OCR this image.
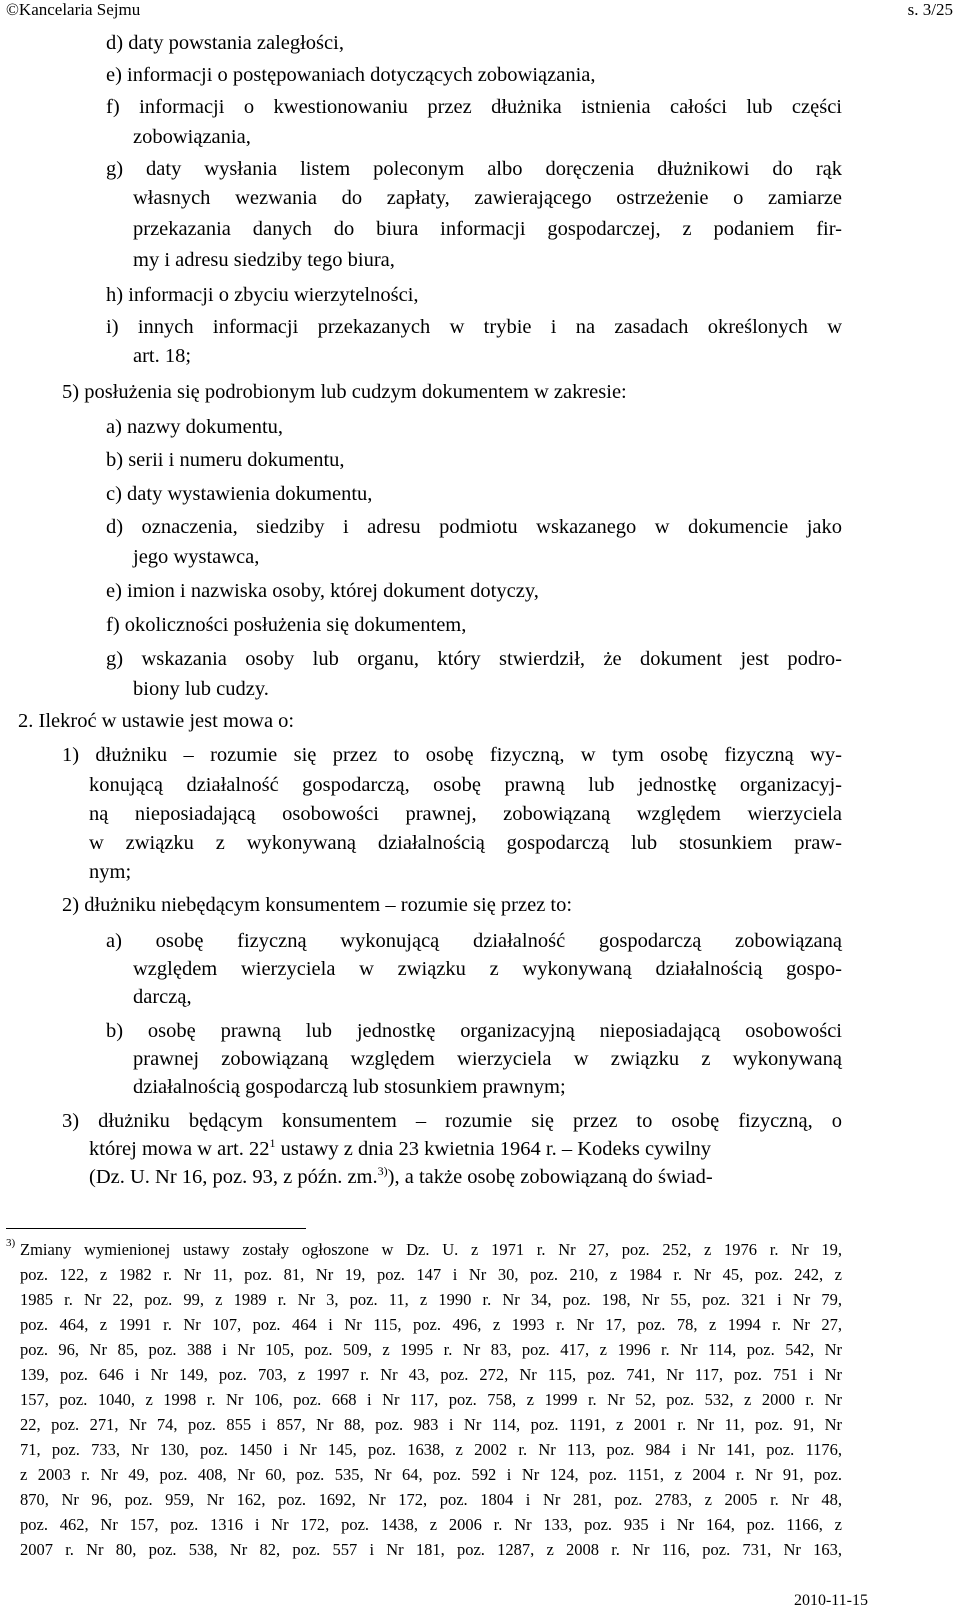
©Kancelaria Sejmu	s. 3/25
d) daty powstania zaległości,
e) informacji o postępowaniach dotyczących zobowiązania,
f) informacji o kwestionowaniu przez dłużnika istnienia całości lub części
zobowiązania,
g) daty wysłania listem poleconym albo doręczenia dłużnikowi do rąk
własnych wezwania do zapłaty, zawierającego ostrzeżenie o zamiarze
przekazania danych do biura informacji gospodarczej, z podaniem fir-
my i adresu siedziby tego biura,
h) informacji o zbyciu wierzytelności,
i) innych informacji przekazanych w trybie i na zasadach określonych w
art. 18;
5) posłużenia się podrobionym lub cudzym dokumentem w zakresie:
a) nazwy dokumentu,
b) serii i numeru dokumentu,
c) daty wystawienia dokumentu,
d) oznaczenia, siedziby i adresu podmiotu wskazanego w dokumencie jako
jego wystawca,
e) imion i nazwiska osoby, której dokument dotyczy,
f) okoliczności posłużenia się dokumentem,
g) wskazania osoby lub organu, który stwierdził, że dokument jest podro-
biony lub cudzy.
2. Ilekroć w ustawie jest mowa o:
1) dłużniku – rozumie się przez to osobę fizyczną, w tym osobę fizyczną wy-
konującą działalność gospodarczą, osobę prawną lub jednostkę organizacyj-
ną nieposiadającą osobowości prawnej, zobowiązaną względem wierzyciela
w związku z wykonywaną działalnością gospodarczą lub stosunkiem praw-
nym;
2) dłużniku niebędącym konsumentem – rozumie się przez to:
a) osobę fizyczną wykonującą działalność gospodarczą zobowiązaną
względem wierzyciela w związku z wykonywaną działalnością gospo-
darczą,
b) osobę prawną lub jednostkę organizacyjną nieposiadającą osobowości
prawnej zobowiązaną względem wierzyciela w związku z wykonywaną
działalnością gospodarczą lub stosunkiem prawnym;
3) dłużniku będącym konsumentem – rozumie się przez to osobę fizyczną, o
której mowa w art. $22^1$ ustawy z dnia 23 kwietnia 1964 r. – Kodeks cywilny
(Dz. U. Nr 16, poz. 93, z późn. zm.$^{3)}$), a także osobę zobowiązaną do świad-
3) Zmiany wymienionej ustawy zostały ogłoszone w Dz. U. z 1971 r. Nr 27, poz. 252, z 1976 r. Nr 19,
poz. 122, z 1982 r. Nr 11, poz. 81, Nr 19, poz. 147 i Nr 30, poz. 210, z 1984 r. Nr 45, poz. 242, z
1985 r. Nr 22, poz. 99, z 1989 r. Nr 3, poz. 11, z 1990 r. Nr 34, poz. 198, Nr 55, poz. 321 i Nr 79,
poz. 464, z 1991 r. Nr 107, poz. 464 i Nr 115, poz. 496, z 1993 r. Nr 17, poz. 78, z 1994 r. Nr 27,
poz. 96, Nr 85, poz. 388 i Nr 105, poz. 509, z 1995 r. Nr 83, poz. 417, z 1996 r. Nr 114, poz. 542, Nr
139, poz. 646 i Nr 149, poz. 703, z 1997 r. Nr 43, poz. 272, Nr 115, poz. 741, Nr 117, poz. 751 i Nr
157, poz. 1040, z 1998 r. Nr 106, poz. 668 i Nr 117, poz. 758, z 1999 r. Nr 52, poz. 532, z 2000 r. Nr
22, poz. 271, Nr 74, poz. 855 i 857, Nr 88, poz. 983 i Nr 114, poz. 1191, z 2001 r. Nr 11, poz. 91, Nr
71, poz. 733, Nr 130, poz. 1450 i Nr 145, poz. 1638, z 2002 r. Nr 113, poz. 984 i Nr 141, poz. 1176,
z 2003 r. Nr 49, poz. 408, Nr 60, poz. 535, Nr 64, poz. 592 i Nr 124, poz. 1151, z 2004 r. Nr 91, poz.
870, Nr 96, poz. 959, Nr 162, poz. 1692, Nr 172, poz. 1804 i Nr 281, poz. 2783, z 2005 r. Nr 48,
poz. 462, Nr 157, poz. 1316 i Nr 172, poz. 1438, z 2006 r. Nr 133, poz. 935 i Nr 164, poz. 1166, z
2007 r. Nr 80, poz. 538, Nr 82, poz. 557 i Nr 181, poz. 1287, z 2008 r. Nr 116, poz. 731, Nr 163,
2010-11-15
